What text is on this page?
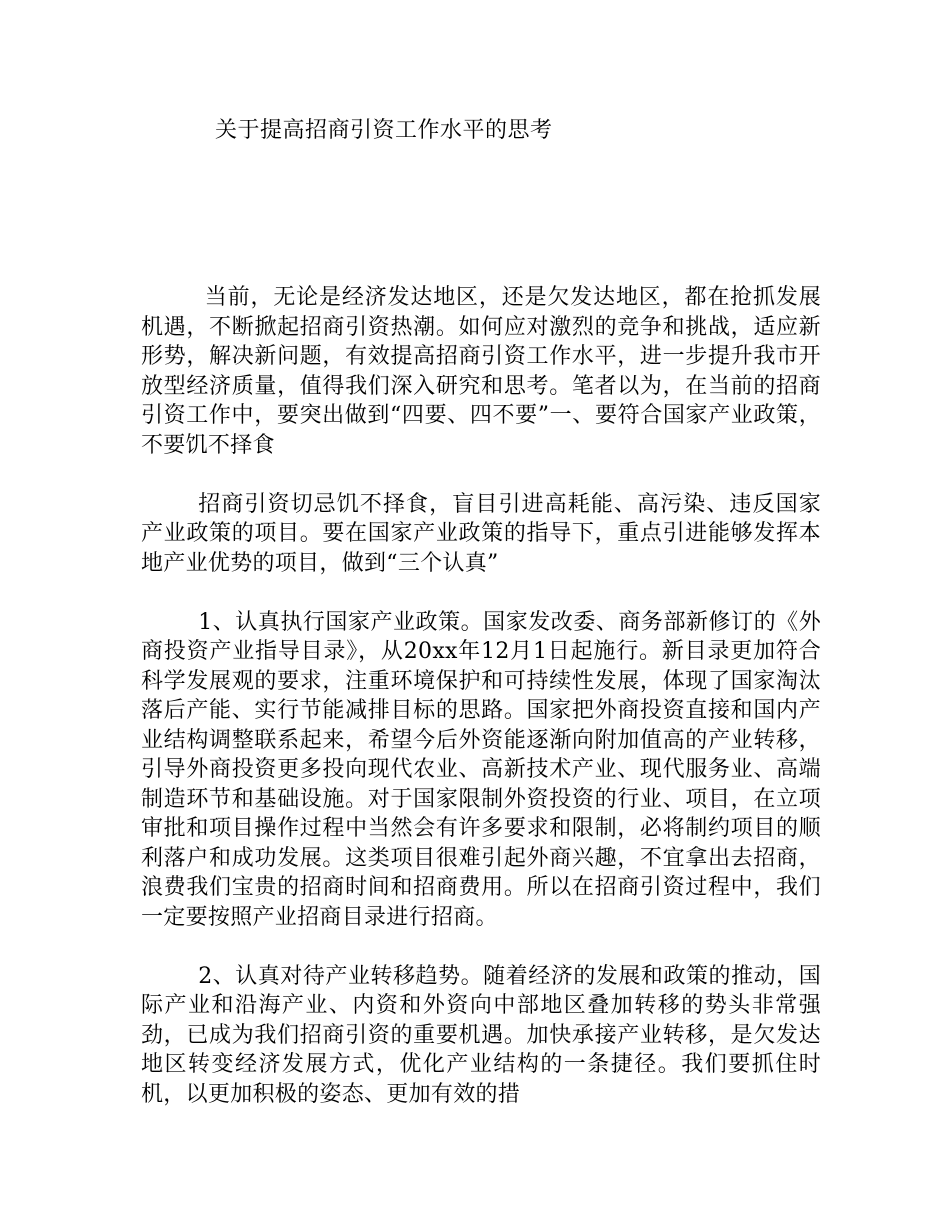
关于提高招商引资工作水平的思考

当前，无论是经济发达地区，还是欠发达地区，都在抢抓发展机遇，不断掀起招商引资热潮。如何应对激烈的竞争和挑战，适应新形势，解决新问题，有效提高招商引资工作水平，进一步提升我市开放型经济质量，值得我们深入研究和思考。笔者以为，在当前的招商引资工作中，要突出做到“四要、四不要”一、要符合国家产业政策，不要饥不择食

招商引资切忌饥不择食，盲目引进高耗能、高污染、违反国家产业政策的项目。要在国家产业政策的指导下，重点引进能够发挥本地产业优势的项目，做到“三个认真”

1、认真执行国家产业政策。国家发改委、商务部新修订的《外商投资产业指导目录》，从20xx年12月1日起施行。新目录更加符合科学发展观的要求，注重环境保护和可持续性发展，体现了国家淘汰落后产能、实行节能减排目标的思路。国家把外商投资直接和国内产业结构调整联系起来，希望今后外资能逐渐向附加值高的产业转移，引导外商投资更多投向现代农业、高新技术产业、现代服务业、高端制造环节和基础设施。对于国家限制外资投资的行业、项目，在立项审批和项目操作过程中当然会有许多要求和限制，必将制约项目的顺利落户和成功发展。这类项目很难引起外商兴趣，不宜拿出去招商，浪费我们宝贵的招商时间和招商费用。所以在招商引资过程中，我们一定要按照产业招商目录进行招商。

2、认真对待产业转移趋势。随着经济的发展和政策的推动，国际产业和沿海产业、内资和外资向中部地区叠加转移的势头非常强劲，已成为我们招商引资的重要机遇。加快承接产业转移，是欠发达地区转变经济发展方式，优化产业结构的一条捷径。我们要抓住时机，以更加积极的姿态、更加有效的措
